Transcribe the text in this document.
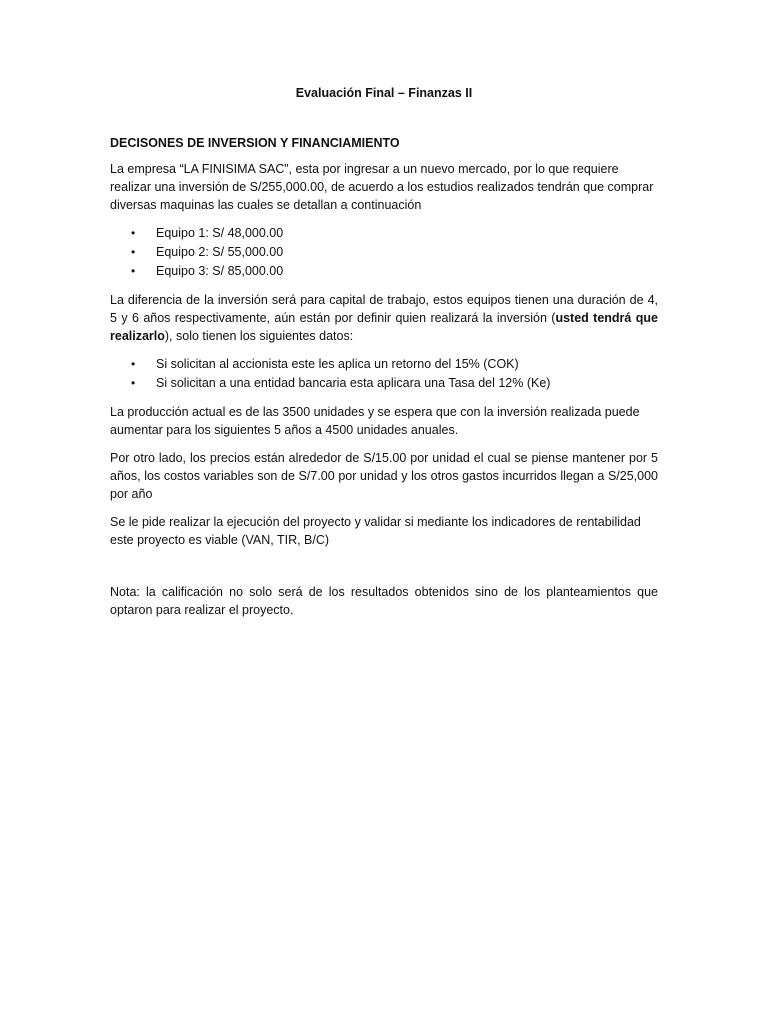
Evaluación Final – Finanzas II
DECISONES DE INVERSION Y FINANCIAMIENTO

La empresa “LA FINISIMA SAC”, esta por ingresar a un nuevo mercado, por lo que requiere realizar una inversión de S/255,000.00, de acuerdo a los estudios realizados tendrán que comprar diversas maquinas las cuales se detallan a continuación

• Equipo 1: S/ 48,000.00
• Equipo 2: S/ 55,000.00
• Equipo 3: S/ 85,000.00

La diferencia de la inversión será para capital de trabajo, estos equipos tienen una duración de 4, 5 y 6 años respectivamente, aún están por definir quien realizará la inversión (usted tendrá que realizarlo), solo tienen los siguientes datos:

• Si solicitan al accionista este les aplica un retorno del 15% (COK)
• Si solicitan a una entidad bancaria esta aplicara una Tasa del 12% (Ke)

La producción actual es de las 3500 unidades y se espera que con la inversión realizada puede aumentar para los siguientes 5 años a 4500 unidades anuales.

Por otro lado, los precios están alrededor de S/15.00 por unidad el cual se piense mantener por 5 años, los costos variables son de S/7.00 por unidad y los otros gastos incurridos llegan a S/25,000 por año

Se le pide realizar la ejecución del proyecto y validar si mediante los indicadores de rentabilidad este proyecto es viable (VAN, TIR, B/C)

Nota: la calificación no solo será de los resultados obtenidos sino de los planteamientos que optaron para realizar el proyecto.
